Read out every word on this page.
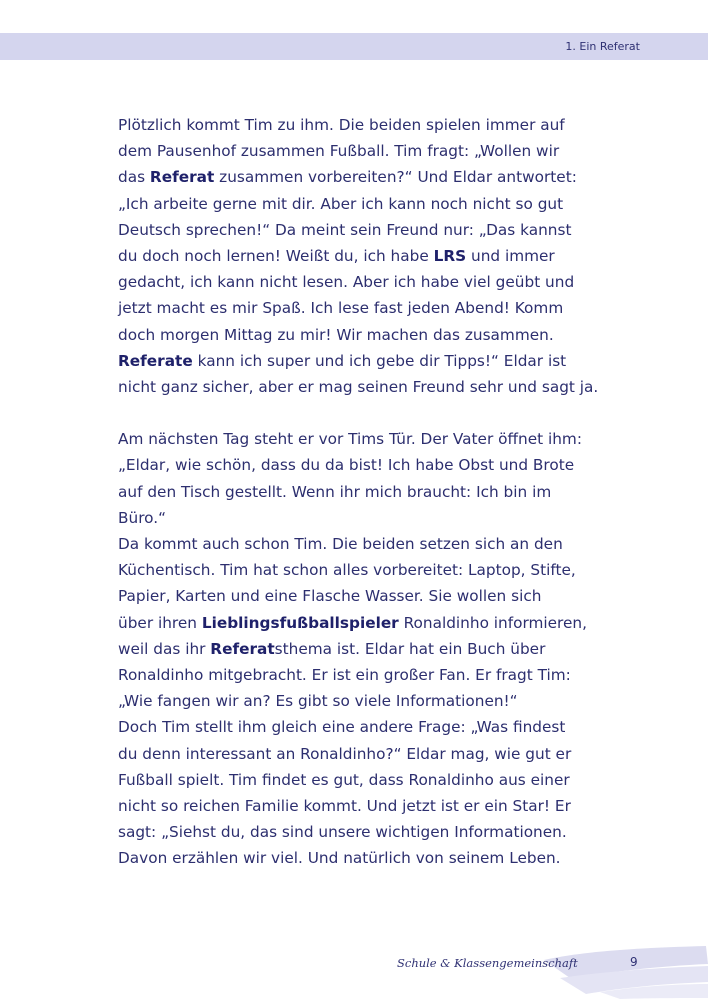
1. Ein Referat

Plötzlich kommt Tim zu ihm. Die beiden spielen immer auf
dem Pausenhof zusammen Fußball. Tim fragt: „Wollen wir
das Referat zusammen vorbereiten?“ Und Eldar antwortet:
„Ich arbeite gerne mit dir. Aber ich kann noch nicht so gut
Deutsch sprechen!“ Da meint sein Freund nur: „Das kannst
du doch noch lernen! Weißt du, ich habe LRS und immer
gedacht, ich kann nicht lesen. Aber ich habe viel geübt und
jetzt macht es mir Spaß. Ich lese fast jeden Abend! Komm
doch morgen Mittag zu mir! Wir machen das zusammen.
Referate kann ich super und ich gebe dir Tipps!“ Eldar ist
nicht ganz sicher, aber er mag seinen Freund sehr und sagt ja.

Am nächsten Tag steht er vor Tims Tür. Der Vater öffnet ihm:
„Eldar, wie schön, dass du da bist! Ich habe Obst und Brote
auf den Tisch gestellt. Wenn ihr mich braucht: Ich bin im
Büro.“
Da kommt auch schon Tim. Die beiden setzen sich an den
Küchentisch. Tim hat schon alles vorbereitet: Laptop, Stifte,
Papier, Karten und eine Flasche Wasser. Sie wollen sich
über ihren Lieblingsfußballspieler Ronaldinho informieren,
weil das ihr Referatsthema ist. Eldar hat ein Buch über
Ronaldinho mitgebracht. Er ist ein großer Fan. Er fragt Tim:
„Wie fangen wir an? Es gibt so viele Informationen!“
Doch Tim stellt ihm gleich eine andere Frage: „Was findest
du denn interessant an Ronaldinho?“ Eldar mag, wie gut er
Fußball spielt. Tim findet es gut, dass Ronaldinho aus einer
nicht so reichen Familie kommt. Und jetzt ist er ein Star! Er
sagt: „Siehst du, das sind unsere wichtigen Informationen.
Davon erzählen wir viel. Und natürlich von seinem Leben.

Schule & Klassengemeinschaft	9
